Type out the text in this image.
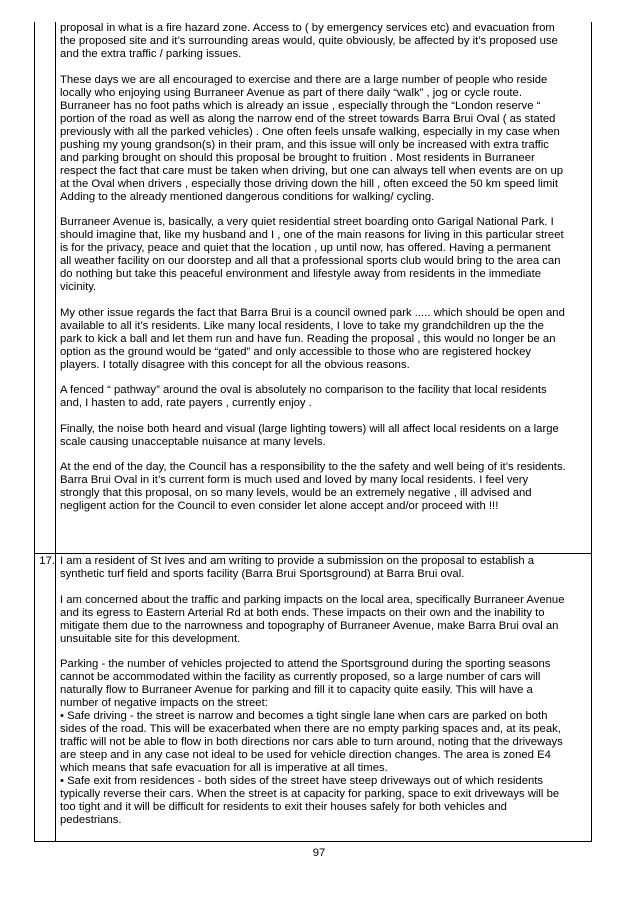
proposal in what is a fire hazard zone. Access to ( by emergency services etc) and evacuation from
the proposed site and it’s surrounding areas would, quite obviously, be affected by it’s proposed use
and the extra traffic / parking issues.

These days we are all encouraged to exercise and there are a large number of people who reside
locally who enjoying using Burraneer Avenue as part of there daily “walk” , jog or cycle route.
Burraneer has no foot paths which is already an issue , especially through the “London reserve “
portion of the road as well as along the narrow end of the street towards Barra Brui Oval ( as stated
previously with all the parked vehicles) . One often feels unsafe walking, especially in my case when
pushing my young grandson(s) in their pram, and this issue will only be increased with extra traffic
and parking brought on should this proposal be brought to fruition . Most residents in Burraneer
respect the fact that care must be taken when driving, but one can always tell when events are on up
at the Oval when drivers , especially those driving down the hill , often exceed the 50 km speed limit
Adding to the already mentioned dangerous conditions for walking/ cycling.

Burraneer Avenue is, basically, a very quiet residential street boarding onto Garigal National Park. I
should imagine that, like my husband and I , one of the main reasons for living in this particular street
is for the privacy, peace and quiet that the location , up until now, has offered. Having a permanent
all weather facility on our doorstep and all that a professional sports club would bring to the area can
do nothing but take this peaceful environment and lifestyle away from residents in the immediate
vicinity.

My other issue regards the fact that Barra Brui is a council owned park ..... which should be open and
available to all it’s residents. Like many local residents, I love to take my grandchildren up the the
park to kick a ball and let them run and have fun. Reading the proposal , this would no longer be an
option as the ground would be “gated” and only accessible to those who are registered hockey
players. I totally disagree with this concept for all the obvious reasons.

A fenced “ pathway” around the oval is absolutely no comparison to the facility that local residents
and, I hasten to add, rate payers , currently enjoy .

Finally, the noise both heard and visual (large lighting towers) will all affect local residents on a large
scale causing unacceptable nuisance at many levels.

At the end of the day, the Council has a responsibility to the the safety and well being of it’s residents.
Barra Brui Oval in it’s current form is much used and loved by many local residents. I feel very
strongly that this proposal, on so many levels, would be an extremely negative , ill advised and
negligent action for the Council to even consider let alone accept and/or proceed with !!!

17. I am a resident of St Ives and am writing to provide a submission on the proposal to establish a
synthetic turf field and sports facility (Barra Brui Sportsground) at Barra Brui oval.

I am concerned about the traffic and parking impacts on the local area, specifically Burraneer Avenue
and its egress to Eastern Arterial Rd at both ends. These impacts on their own and the inability to
mitigate them due to the narrowness and topography of Burraneer Avenue, make Barra Brui oval an
unsuitable site for this development.

Parking - the number of vehicles projected to attend the Sportsground during the sporting seasons
cannot be accommodated within the facility as currently proposed, so a large number of cars will
naturally flow to Burraneer Avenue for parking and fill it to capacity quite easily. This will have a
number of negative impacts on the street:
• Safe driving - the street is narrow and becomes a tight single lane when cars are parked on both
sides of the road. This will be exacerbated when there are no empty parking spaces and, at its peak,
traffic will not be able to flow in both directions nor cars able to turn around, noting that the driveways
are steep and in any case not ideal to be used for vehicle direction changes. The area is zoned E4
which means that safe evacuation for all is imperative at all times.
• Safe exit from residences - both sides of the street have steep driveways out of which residents
typically reverse their cars. When the street is at capacity for parking, space to exit driveways will be
too tight and it will be difficult for residents to exit their houses safely for both vehicles and
pedestrians.

97
